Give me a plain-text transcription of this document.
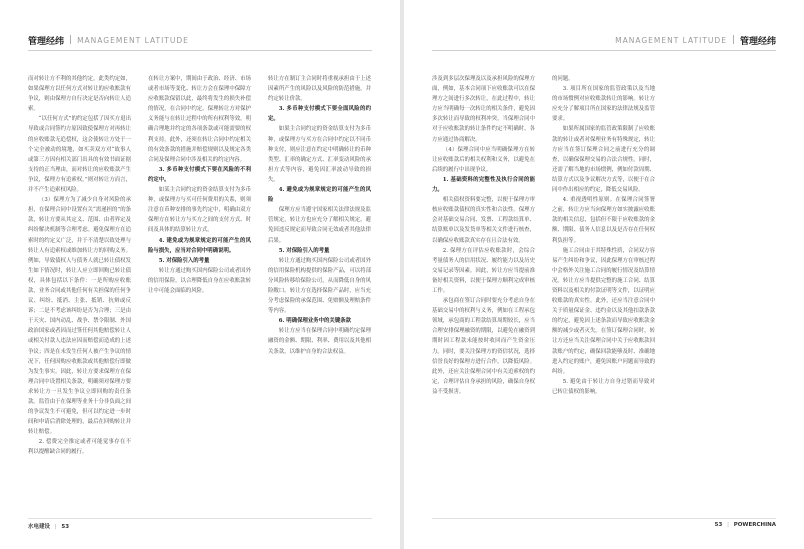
管理经纬 | MANAGEMENT LATITUDE

而对转让方不利的其他约定，此类约定如，如果保理方以任何方式对转让的应收账款有争议，则由保理方自行决定是否向转让人追索。

“以任何方式”的约定包括了因买方退出导致或合同签约方原因致使保理方对再转让的应收账款无追偿权，这会使转让方处于一个完全被动的境地，如买卖双方对“故事人或第三方因有相关部门出具的有效书面证据支持的正当理由，而对转让的应收账款产生争议，保理方有追索权。”则对转让方而言，并不产生追索权风险。

（3）保理方为了减少自身对风险的承担，在保理合同中设置有关“需递担的”的条款，转让方要从其定义、范围、由者界定及纠纷解决机制等合理考虑。避免保理方在追索时的约定义广泛，并于不清楚以致处理与转让人有追索权或维加转让方的回购义务。例如，导致债权人与债务人就已转让债权发生如下情况时，转让人应立即回购已转让债权，具体包括以下条件：一是所购应收账款，业务合同或其他任何有关担保的任何争议、纠纷、抵消、主张、抵销、抗辩或反诉；二是不考虑该纠纷是否为合理；三是由于天灾、国内动乱、战争、禁令限制、外国政治国家或者因而过签任何其他赔偿转让人或相关付款人违法应因而赔偿而造成的上述争议；四是在未发生任何人被产生争议的情况下，任何因购应收账款或其他赔偿行即做为发生事实。因此，转让方要求保理方在保理合同中设置相关条款，明确须对保理方要求转让方一旦发生争议立即回购的责任条款。监管由于在保理等业务十分非负面之间的争议发生不可避免，但可以约定进一步时间和申请后消除处理的，最后在回购转让并转让赔偿。

2. 偿费完全推定或者可能觉事存在不利以提醒缺合同的履行。

在转让方案中，期间由于政治、经济、市场或者市场等变化、转让方会在保理中保障方应收账款保留以此，最终将发生的损失补偿的情况，在合同中约定。保理转让方对保护义务能与在转让过程中的所有权利等效，明确合理地并约定的各项条款或可能需要的权利支持。此外，还须在转让合同中约定相关的有效条款的措施并赔偿规则以及规定各类合同及保理合同中涉及相关的约定内容。

3. 多币种支付模式下要在风险的不利约定中。

如某主合同约定的资金结算支付为多币种，或保理方与买可任何费用的关系，则须注意在币种安排的事先约定中，明确由双方保理方在转让方与买方之间的支付方式、时间及具体的结算转让方式。

4. 建免或为规章规定的可能产生的风险与损失，应当对合同中明确说明。

5. 对保险引入的考量

转让方通过购买国内保险公司或者国外的信用保险，以合理降低自身在应收账款转让中可能会面临的风险。

转让方在制订主合同时将重视承担由于上述因素所产生的风险以及风险的防范措施，并约定转让价款。

3. 多币种支付模式下要全面风险的约定。

如果主合同约定的资金结算支付为多币种，或保理方与买方在合同中约定以不同币种支付，则应注意在约定中明确转让的币种类型、汇率的确定方式、汇率变动风险的承担方式等内容，避免因汇率波动导致的损失。

4. 避免或为规章规定的可能产生的风险

保理方应当遵守国家相关法律法规及监管规定，转让方也应充分了解相关规定，避免因违反规定而导致合同无效或者其他法律后果。

5. 对保险引入的考量

转让方通过购买国内保险公司或者国外的信用保险机构提供的保险产品，可以将部分风险转移给保险公司，从而降低自身的风险敞口。转让方在选择保险产品时，应当充分考虑保险的承保范围、免赔额及理赔条件等内容。

6. 明确保理业务中的关键条款

转让方应当在保理合同中明确约定保理融资的金额、期限、利率、费用以及其他相关条款，以维护自身的合法权益。

水电建设 | 53
MANAGEMENT LATITUDE | 管理经纬

涉及到多层次保理及以及承担风险的保理方面，例如，基本合同项下应收账款可以在保理方之间进行多次转让，在此过程中，转让方应当明确每一次转让的相关条件，避免因多次转让而导致的权利冲突。当保理合同中对于应收账款的转让条件约定不明确时，各方应通过协商解决。

（4）保理合同中应当明确保理方在转让应收账款后的相关权利和义务，以避免在后续的履行中出现争议。

1. 基础资料的完整性及执行合同的能力。

相关债权资料要完整，以便于保理方审核应收账款债权的真实性和合法性。保理方会对基础交易合同、发票、工程款结算单、结算账单以及发货单等相关文件进行核查，以确保应收账款真实存在且合法有效。

2. 保理方在评估应收账款时，会综合考量债务人的信用状况、履约能力以及历史交易记录等因素。因此，转让方应当提前准备好相关资料，以便于保理方顺利完成审核工作。

承包商在签订合同时要充分考虑自身在基础交易中的权利与义务，例如在工程承包领域，承包商的工程款结算周期较长，应当合理安排保理融资的期限，以避免在融资到期时因工程款未能按时收回而产生资金压力。同时，要关注保理方的资信状况，选择信誉良好的保理方进行合作，以降低风险。此外，还应关注保理合同中有关追索权的约定，合理评估自身承担的风险，确保自身权益不受损害。

的问题。

3. 项目所在国家的监管政策以及当地的市场惯例对应收账款转让的影响。转让方应充分了解项目所在国家的法律法规及监管要求。

如果所属国家的监管政策限制了应收账款的转让或者对保理业务有特殊规定，转让方应当在签订保理合同之前进行充分的调查，以确保保理交易的合法合规性。同时，还需了解当地的市场惯例，例如付款周期、结算方式以及争议解决方式等，以便于在合同中作出相应的约定，降低交易风险。

4. 重视透明性原则。在保理合同签署之前，转让方应当向保理方如实披露应收账款的相关信息，包括但不限于应收账款的金额、期限、债务人信息以及是否存在任何权利负担等。

施工合同由于其特殊性质，合同双方容易产生纠纷和争议，因此保理方在审核过程中会格外关注施工合同的履行情况及结算情况。转让方应当提供完整的施工合同、结算资料以及相关的付款证明等文件，以证明应收账款的真实性。此外，还应当注意合同中关于质量保证金、违约金以及其他扣款条款的约定，避免因上述条款而导致应收账款金额的减少或者灭失。在签订保理合同时，转让方还应当关注保理合同中关于应收账款回款账户的约定，确保回款能够及时、准确地进入约定的账户，避免因账户问题而导致的纠纷。

5. 避免由于转让方自身过错而导致对已转让债权的影响。

53 | POWERCHINA
